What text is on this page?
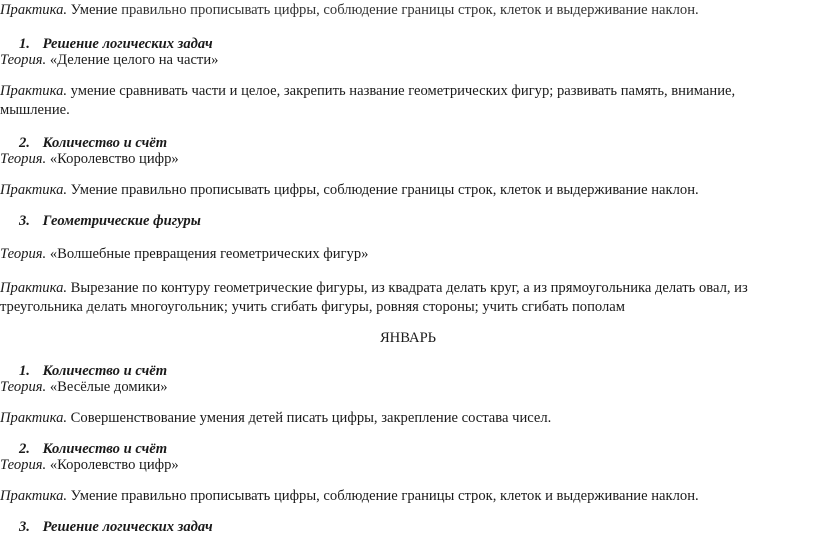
Практика. Умение правильно прописывать цифры, соблюдение границы строк, клеток и выдерживание наклон.
1. Решение логических задач
Теория. «Деление целого на части»
Практика. умение сравнивать части и целое, закрепить название геометрических фигур; развивать память, внимание,
мышление.
2. Количество и счёт
Теория. «Королевство цифр»
Практика. Умение правильно прописывать цифры, соблюдение границы строк, клеток и выдерживание наклон.
3. Геометрические фигуры
Теория. «Волшебные превращения геометрических фигур»
Практика. Вырезание по контуру геометрические фигуры, из квадрата делать круг, а из прямоугольника делать овал, из
треугольника делать многоугольник; учить сгибать фигуры, ровняя стороны; учить сгибать пополам
ЯНВАРЬ
1. Количество и счёт
Теория. «Весёлые домики»
Практика. Совершенствование умения детей писать цифры, закрепление состава чисел.
2. Количество и счёт
Теория. «Королевство цифр»
Практика. Умение правильно прописывать цифры, соблюдение границы строк, клеток и выдерживание наклон.
3. Решение логических задач
